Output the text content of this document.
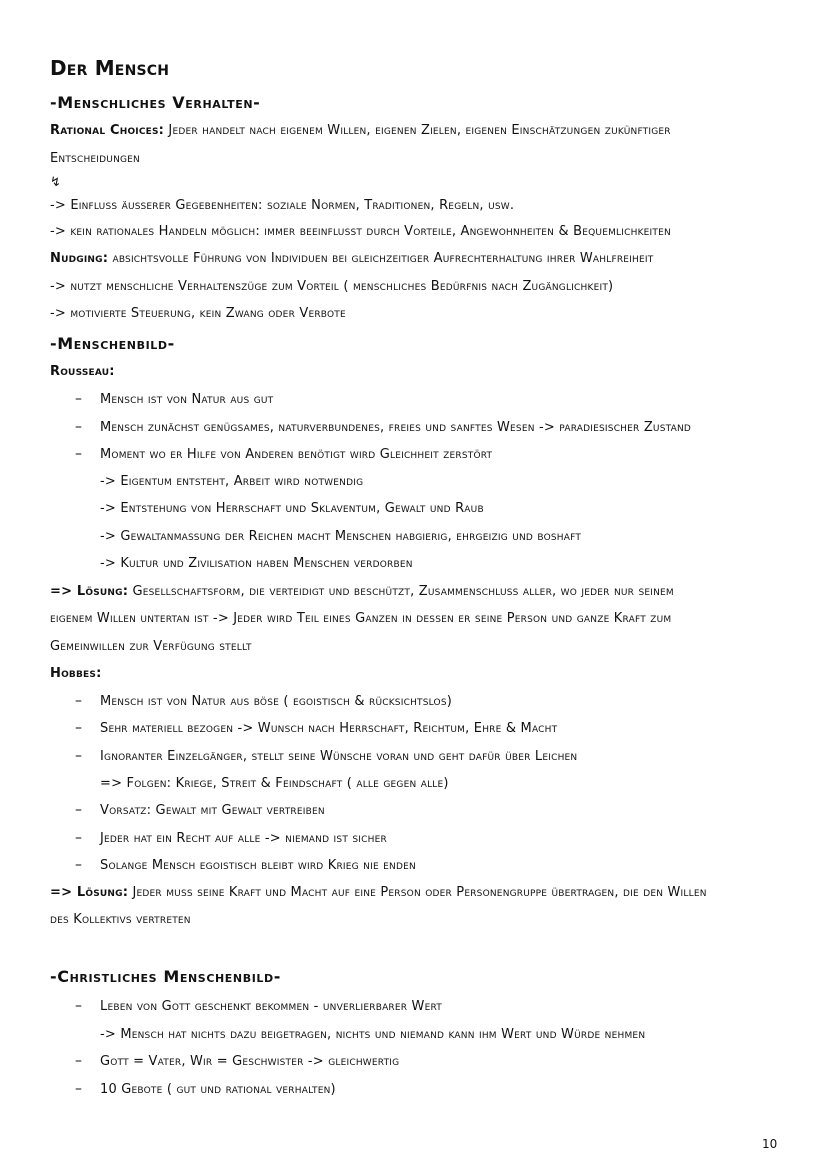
Der Mensch
-Menschliches Verhalten-
Rational Choices: Jeder handelt nach eigenem Willen, eigenen Zielen, eigenen Einschätzungen zukünftiger
Entscheidungen
↯
-> Einfluss äußerer Gegebenheiten: soziale Normen, Traditionen, Regeln, usw.
-> kein rationales Handeln möglich: immer beeinflusst durch Vorteile, Angewohnheiten & Bequemlichkeiten
Nudging: absichtsvolle Führung von Individuen bei gleichzeitiger Aufrechterhaltung ihrer Wahlfreiheit
-> nutzt menschliche Verhaltenszüge zum Vorteil ( menschliches Bedürfnis nach Zugänglichkeit)
-> motivierte Steuerung, kein Zwang oder Verbote
-Menschenbild-
Rousseau:
– Mensch ist von Natur aus gut
– Mensch zunächst genügsames, naturverbundenes, freies und sanftes Wesen -> paradiesischer Zustand
– Moment wo er Hilfe von Anderen benötigt wird Gleichheit zerstört
-> Eigentum entsteht, Arbeit wird notwendig
-> Entstehung von Herrschaft und Sklaventum, Gewalt und Raub
-> Gewaltanmaßung der Reichen macht Menschen habgierig, ehrgeizig und boshaft
-> Kultur und Zivilisation haben Menschen verdorben
=> Lösung: Gesellschaftsform, die verteidigt und beschützt, Zusammenschluss aller, wo jeder nur seinem
eigenem Willen untertan ist -> Jeder wird Teil eines Ganzen in dessen er seine Person und ganze Kraft zum
Gemeinwillen zur Verfügung stellt
Hobbes:
– Mensch ist von Natur aus böse ( egoistisch & rücksichtslos)
– Sehr materiell bezogen -> Wunsch nach Herrschaft, Reichtum, Ehre & Macht
– Ignoranter Einzelgänger, stellt seine Wünsche voran und geht dafür über Leichen
=> Folgen: Kriege, Streit & Feindschaft ( alle gegen alle)
– Vorsatz: Gewalt mit Gewalt vertreiben
– Jeder hat ein Recht auf alle -> niemand ist sicher
– Solange Mensch egoistisch bleibt wird Krieg nie enden
=> Lösung: Jeder muss seine Kraft und Macht auf eine Person oder Personengruppe übertragen, die den Willen
des Kollektivs vertreten
-Christliches Menschenbild-
– Leben von Gott geschenkt bekommen - unverlierbarer Wert
-> Mensch hat nichts dazu beigetragen, nichts und niemand kann ihm Wert und Würde nehmen
– Gott = Vater, Wir = Geschwister -> gleichwertig
– 10 Gebote ( gut und rational verhalten)
10
